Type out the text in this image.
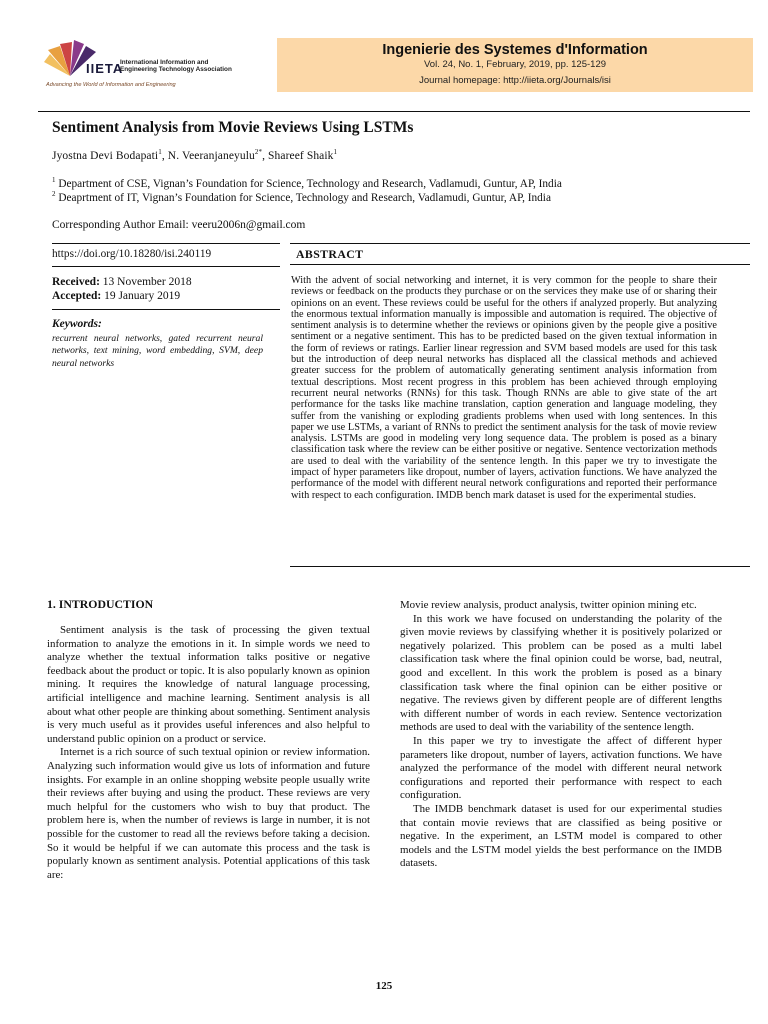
IIETA
International Information and
Engineering Technology Association
Advancing the World of Information and Engineering
Ingenierie des Systemes d'Information
Vol. 24, No. 1, February, 2019, pp. 125-129
Journal homepage: http://iieta.org/Journals/isi
Sentiment Analysis from Movie Reviews Using LSTMs
Jyostna Devi Bodapati$^1$, N. Veeranjaneyulu$^{2*}$, Shareef Shaik$^1$
$^1$ Department of CSE, Vignan’s Foundation for Science, Technology and Research, Vadlamudi, Guntur, AP, India
$^2$ Deaprtment of IT, Vignan’s Foundation for Science, Technology and Research, Vadlamudi, Guntur, AP, India
Corresponding Author Email: veeru2006n@gmail.com
https://doi.org/10.18280/isi.240119
Received: 13 November 2018
Accepted: 19 January 2019
Keywords:
recurrent neural networks, gated recurrent neural networks, text mining, word embedding, SVM, deep neural networks
ABSTRACT
With the advent of social networking and internet, it is very common for the people to share their reviews or feedback on the products they purchase or on the services they make use of or sharing their opinions on an event. These reviews could be useful for the others if analyzed properly. But analyzing the enormous textual information manually is impossible and automation is required. The objective of sentiment analysis is to determine whether the reviews or opinions given by the people give a positive sentiment or a negative sentiment. This has to be predicted based on the given textual information in the form of reviews or ratings. Earlier linear regression and SVM based models are used for this task but the introduction of deep neural networks has displaced all the classical methods and achieved greater success for the problem of automatically generating sentiment analysis information from textual descriptions. Most recent progress in this problem has been achieved through employing recurrent neural networks (RNNs) for this task. Though RNNs are able to give state of the art performance for the tasks like machine translation, caption generation and language modeling, they suffer from the vanishing or exploding gradients problems when used with long sentences. In this paper we use LSTMs, a variant of RNNs to predict the sentiment analysis for the task of movie review analysis. LSTMs are good in modeling very long sequence data. The problem is posed as a binary classification task where the review can be either positive or negative. Sentence vectorization methods are used to deal with the variability of the sentence length. In this paper we try to investigate the impact of hyper parameters like dropout, number of layers, activation functions. We have analyzed the performance of the model with different neural network configurations and reported their performance with respect to each configuration. IMDB bench mark dataset is used for the experimental studies.
1. INTRODUCTION

Sentiment analysis is the task of processing the given textual information to analyze the emotions in it. In simple words we need to analyze whether the textual information talks positive or negative feedback about the product or topic. It is also popularly known as opinion mining. It requires the knowledge of natural language processing, artificial intelligence and machine learning. Sentiment analysis is all about what other people are thinking about something. Sentiment analysis is very much useful as it provides useful inferences and also helpful to understand public opinion on a product or service.

Internet is a rich source of such textual opinion or review information. Analyzing such information would give us lots of information and future insights. For example in an online shopping website people usually write their reviews after buying and using the product. These reviews are very much helpful for the customers who wish to buy that product. The problem here is, when the number of reviews is large in number, it is not possible for the customer to read all the reviews before taking a decision. So it would be helpful if we can automate this process and the task is popularly known as sentiment analysis. Potential applications of this task are:

Movie review analysis, product analysis, twitter opinion mining etc.

In this work we have focused on understanding the polarity of the given movie reviews by classifying whether it is positively polarized or negatively polarized. This problem can be posed as a multi label classification task where the final opinion could be worse, bad, neutral, good and excellent. In this work the problem is posed as a binary classification task where the final opinion can be either positive or negative. The reviews given by different people are of different lengths with different number of words in each review. Sentence vectorization methods are used to deal with the variability of the sentence length.

In this paper we try to investigate the affect of different hyper parameters like dropout, number of layers, activation functions. We have analyzed the performance of the model with different neural network configurations and reported their performance with respect to each configuration.

The IMDB benchmark dataset is used for our experimental studies that contain movie reviews that are classified as being positive or negative. In the experiment, an LSTM model is compared to other models and the LSTM model yields the best performance on the IMDB datasets.

125
